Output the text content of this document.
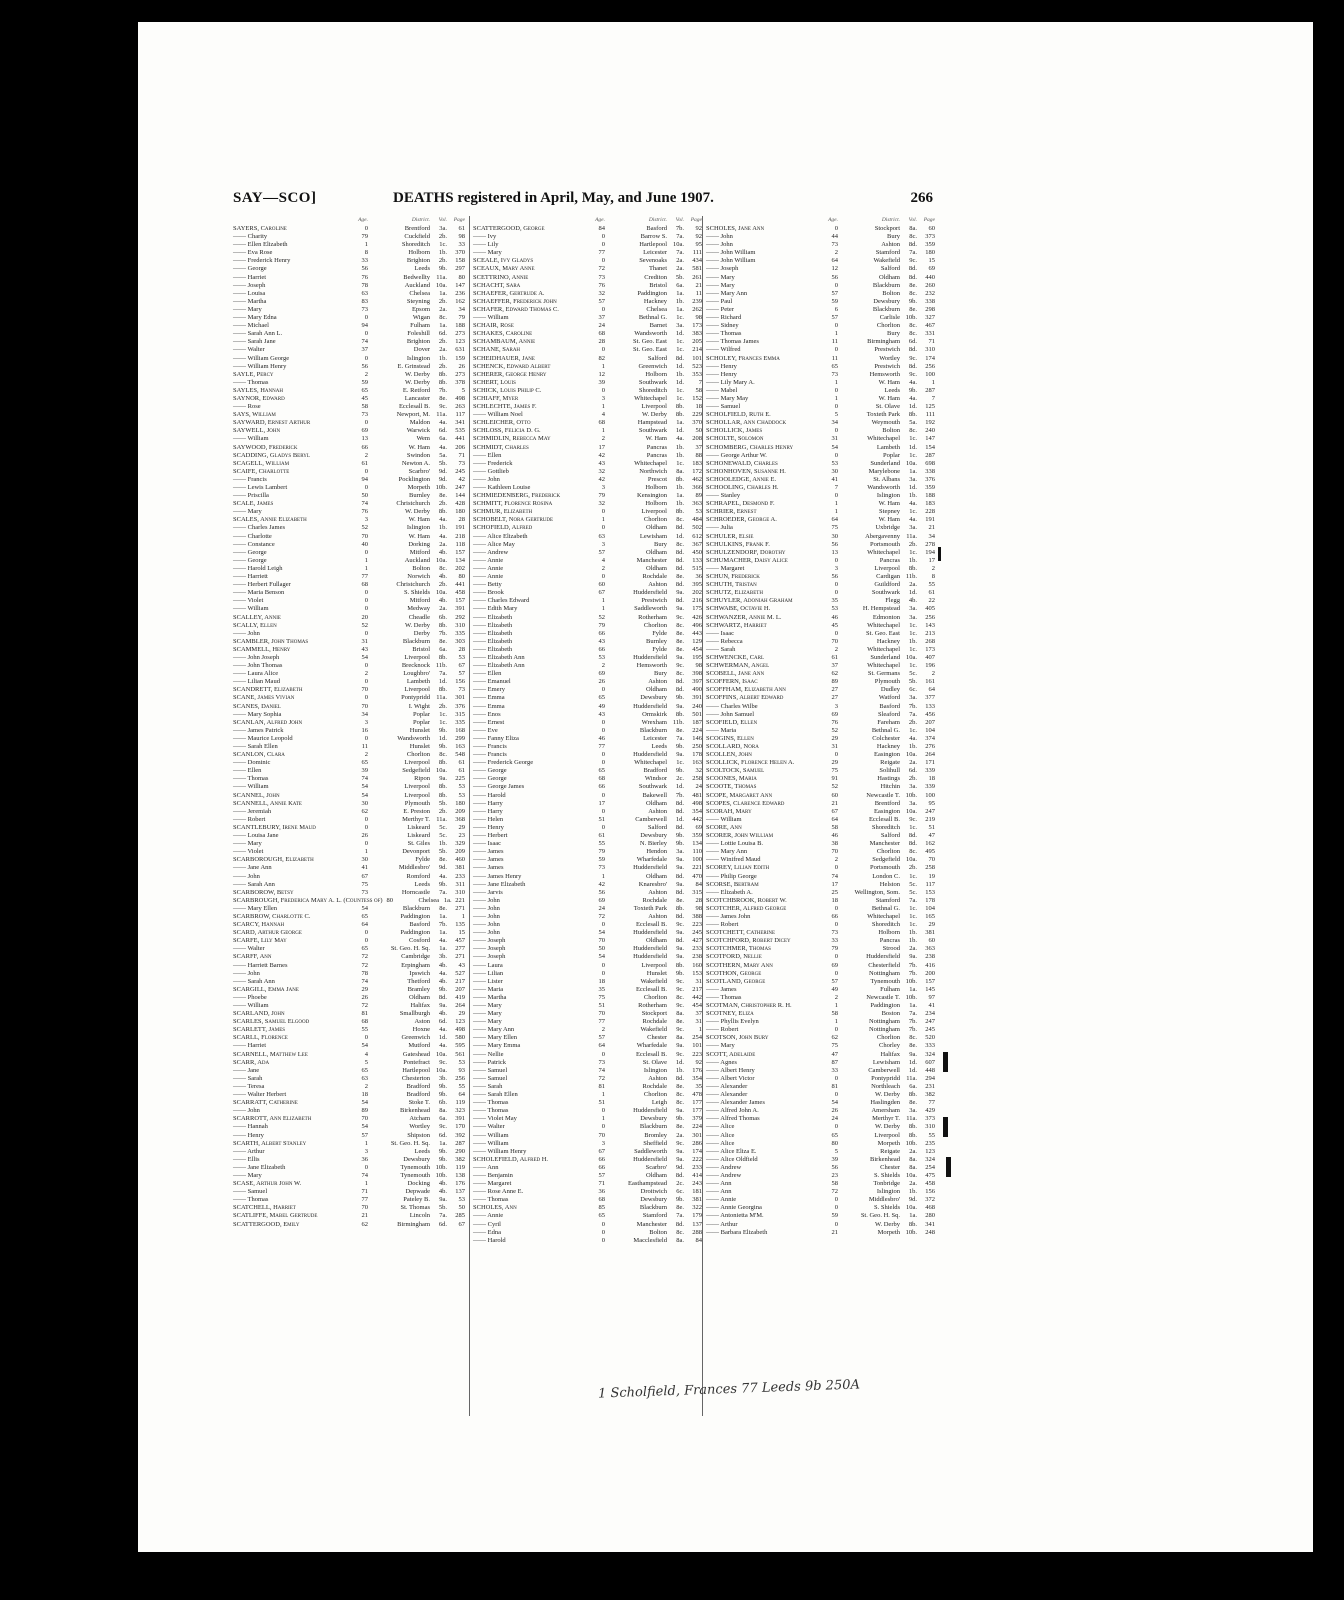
SAY—SCO]	DEATHS registered in April, May, and June 1907.	266
Age.	District.	Vol.	Page
SAYERS, Caroline	0	Brentford	3a.	61
—— Charity	79	Cuckfield	2b.	98
—— Ellen Elizabeth	1	Shoreditch	1c.	33
—— Eva Rose	8	Holborn	1b.	370
—— Frederick Henry	33	Brighton	2b.	158
—— George	56	Leeds	9b.	297
—— Harriet	76	Bedwellty 11a.	80
—— Joseph	78	Auckland 10a.	147
—— Louisa	63	Chelsea	1a.	236
—— Martha	83	Steyning	2b.	162
—— Mary	73	Epsom	2a.	34
—— Mary Edna	0	Wigan	8c.	79
—— Michael	94	Fulham	1a.	188
—— Sarah Ann L.	0	Foleshill	6d.	273
—— Sarah Jane	74	Brighton	2b.	123
—— Walter	37	Dover	2a.	631
—— William George	0	Islington	1b.	159
—— William Henry	56	E. Grinstead	2b.	26
SAYLE, Percy	2	W. Derby	8b.	273
—— Thomas	59	W. Derby	8b.	378
SAYLES, Hannah	65	E. Retford	7b.	5
SAYNOR, Edward	45	Lancaster	8e.	498
—— Rose	58	Ecclesall B.	9c.	263
SAYS, William	73	Newport, M. 11a.	117
SAYWARD, Ernest Arthur	0	Maldon	4a.	341
SAYWELL, John	69	Warwick	6d.	535
—— William	13	Wem	6a.	441
SAYWOOD, Frederick	66	W. Ham	4a.	206
SCADDING, Gladys Beryl	2	Swindon	5a.	71
SCAGELL, William	61	Newton A.	5b.	73
SCAIFE, Charlotte	0	Scarbro'	9d.	245
—— Francis	94	Pocklington	9d.	42
—— Lewis Lambert	0	Morpeth 10b.	247
—— Priscilla	50	Burnley	8e.	144
SCALE, James	74	Christchurch	2b.	428
—— Mary	76	W. Derby	8b.	180
SCALES, Annie Elizabeth	3	W. Ham	4a.	28
—— Charles James	52	Islington	1b.	191
—— Charlotte	70	W. Ham	4a.	218
—— Constance	40	Dorking	2a.	118
—— George	0	Mitford	4b.	157
—— George	1	Auckland 10a.	134
—— Harold Leigh	1	Bolton	8c.	202
—— Harriett	77	Norwich	4b.	80
—— Herbert Fullager	68	Christchurch	2b.	441
—— Maria Benson	0	S. Shields 10a.	458
—— Violet	0	Mitford	4b.	157
—— William	0	Medway	2a.	391
SCALLEY, Annie	20	Cheadle	6b.	292
SCALLY, Ellen	52	W. Derby	8b.	310
—— John	0	Derby	7b.	335
SCAMBLER, John Thomas	31	Blackburn	8e.	303
SCAMMELL, Henry	43	Bristol	6a.	28
—— John Joseph	54	Liverpool	8b.	53
—— John Thomas	0	Brecknock 11b.	67
—— Laura Alice	2	Loughbro'	7a.	57
—— Lilian Maud	0	Lambeth	1d.	156
SCANDRETT, Elizabeth	70	Liverpool	8b.	73
SCANE, James Vivian	0	Pontypridd 11a.	301
SCANES, Daniel	70	I. Wight	2b.	376
—— Mary Sophia	34	Poplar	1c.	315
SCANLAN, Alfred John	3	Poplar	1c.	335
—— James Patrick	16	Hunslet	9b.	168
—— Maurice Leopold	0	Wandsworth	1d.	299
—— Sarah Ellen	11	Hunslet	9b.	163
SCANLON, Clara	2	Chorlton	8c.	548
—— Dominic	65	Liverpool	8b.	61
—— Ellen	39	Sedgefield 10a.	61
—— Thomas	74	Ripon	9a.	225
—— William	54	Liverpool	8b.	53
SCANNEL, John	54	Liverpool	8b.	53
SCANNELL, Annie Kate	30	Plymouth	5b.	180
—— Jeremiah	62	E. Preston	2b.	209
—— Robert	0	Merthyr T. 11a.	368
SCANTLEBURY, Irene Maud	0	Liskeard	5c.	29
—— Louisa Jane	26	Liskeard	5c.	23
—— Mary	0	St. Giles	1b.	329
—— Violet	1	Devonport	5b.	209
SCARBOROUGH, Elizabeth	30	Fylde	8e.	460
—— Jane Ann	41	Middlesbro'	9d.	381
—— John	67	Romford	4a.	233
—— Sarah Ann	75	Leeds	9b.	311
SCARBOROW, Betsy	73	Horncastle	7a.	310
SCARBROUGH, Frederica Mary A. L. (Countess of) 80	Chelsea 1a. 221
—— Mary Ellen	54	Blackburn	8e.	271
SCARBROW, Charlotte C.	65	Paddington	1a.	1
SCARCY, Hannah	64	Basford	7b.	135
SCARD, Arthur George	0	Paddington	1a.	15
SCARFE, Lily May	0	Cosford	4a.	457
—— Walter	65	St. Geo. H. Sq.	1a.	277
SCARFF, Ann	72	Cambridge	3b.	271
—— Harriett Barnes	72	Erpingham	4b.	43
—— John	78	Ipswich	4a.	527
—— Sarah Ann	74	Thetford	4b.	217
SCARGILL, Emma Jane	29	Bramley	9b.	207
—— Phoebe	26	Oldham	8d.	419
—— William	72	Halifax	9a.	264
SCARLAND, John	81	Smallburgh	4b.	29
SCARLES, Samuel Elgood	68	Aston	6d.	123
SCARLETT, James	55	Hoxne	4a.	498
SCARLL, Florence	0	Greenwich	1d.	580
—— Harriet	54	Mutford	4a.	595
SCARNELL, Matthew Lee	4	Gateshead 10a.	561
SCARR, Ada	5	Pontefract	9c.	53
—— Jane	65	Hartlepool 10a.	93
—— Sarah	63	Chesterton	3b.	256
—— Teresa	2	Bradford	9b.	55
—— Walter Herbert	18	Bradford	9b.	64
SCARRATT, Catherine	54	Stoke T.	6b.	119
—— John	89	Birkenhead	8a.	323
SCARROTT, Ann Elizabeth	70	Atcham	6a.	391
—— Hannah	54	Wortley	9c.	170
—— Henry	57	Shipston	6d.	392
SCARTH, Albert Stanley	1	St. Geo. H. Sq.	1a.	287
—— Arthur	3	Leeds	9b.	290
—— Ellis	36	Dewsbury	9b.	382
—— Jane Elizabeth	0	Tynemouth 10b.	119
—— Mary	74	Tynemouth 10b.	138
SCASE, Arthur John W.	1	Docking	4b.	176
—— Samuel	71	Depwade	4b.	137
—— Thomas	77	Pateley B.	9a.	53
SCATCHELL, Harriet	70	St. Thomas	5b.	50
SCATLIFFE, Mabel Gertrude	21	Lincoln	7a.	285
SCATTERGOOD, Emily	62	Birmingham	6d.	67
Age.	District.	Vol.	Page
SCATTERGOOD, George	84	Basford	7b.	92
—— Ivy	0	Barrow S.	7a.	92
—— Lily	0	Hartlepool 10a.	95
—— Mary	77	Leicester	7a.	111
SCEALE, Ivy Gladys	0	Sevenoaks	2a.	434
SCEAUX, Mary Anne	72	Thanet	2a.	581
SCETTRINO, Annie	73	Crediton	5b.	261
SCHACHT, Sara	76	Bristol	6a.	21
SCHAEFER, Gertrude A.	32	Paddington	1a.	11
SCHAEFFER, Frederick John	57	Hackney	1b.	239
SCHAFER, Edward Thomas C.	0	Chelsea	1a.	262
—— William	37	Bethnal G.	1c.	98
SCHAIR, Rose	24	Barnet	3a.	173
SCHAKES, Caroline	68	Wandsworth	1d.	383
SCHAMBAUM, Annie	28	St. Geo. East	1c.	205
SCHANE, Sarah	0	St. Geo. East	1c.	214
SCHEIDHAUER, Jane	82	Salford	8d.	101
SCHENCK, Edward Albert	1	Greenwich	1d.	523
SCHERER, George Henry	12	Holborn	1b.	353
SCHERT, Louis	39	Southwark	1d.	7
SCHICK, Louis Philip C.	0	Shoreditch	1c.	58
SCHIAFF, Myer	3	Whitechapel	1c.	152
SCHLECHTE, James F.	1	Liverpool	8b.	18
—— William Noel	4	W. Derby	8b.	229
SCHLEICHER, Otto	68	Hampstead	1a.	370
SCHLOSS, Felicia D. G.	1	Southwark	1d.	50
SCHMIDLIN, Rebecca May	2	W. Ham	4a.	208
SCHMIDT, Charles	17	Pancras	1b.	37
—— Ellen	42	Pancras	1b.	88
—— Frederick	43	Whitechapel	1c.	183
—— Gottlieb	32	Northwich	8a.	172
—— John	42	Prescot	8b.	462
—— Kathleen Louise	3	Holborn	1b.	366
SCHMIEDENBERG, Frederick	79	Kensington	1a.	89
SCHMITT, Florence Rosina	32	Holborn	1b.	363
SCHMUR, Elizabeth	0	Liverpool	8b.	53
SCHOBELT, Nora Gertrude	1	Chorlton	8c.	484
SCHOFIELD, Alfred	0	Oldham	8d.	502
—— Alice Elizabeth	63	Lewisham	1d.	612
—— Alice May	3	Bury	8c.	367
—— Andrew	57	Oldham	8d.	450
—— Annie	4	Manchester	8d.	133
—— Annie	2	Oldham	8d.	515
—— Annie	0	Rochdale	8e.	36
—— Betty	60	Ashton	8d.	395
—— Brook	67	Huddersfield	9a.	202
—— Charles Edward	1	Prestwich	8d.	216
—— Edith Mary	1	Saddleworth	9a.	175
—— Elizabeth	52	Rotherham	9c.	426
—— Elizabeth	79	Chorlton	8c.	496
—— Elizabeth	66	Fylde	8e.	443
—— Elizabeth	43	Burnley	8e.	129
—— Elizabeth	66	Fylde	8e.	454
—— Elizabeth Ann	53	Huddersfield	9a.	195
—— Elizabeth Ann	2	Hemsworth	9c.	98
—— Ellen	69	Bury	8c.	398
—— Emanuel	26	Ashton	8d.	397
—— Emery	0	Oldham	8d.	490
—— Emma	65	Dewsbury	9b.	391
—— Emma	49	Huddersfield	9a.	240
—— Enos	43	Ormskirk	8b.	501
—— Ernest	0	Wrexham 11b.	187
—— Eve	0	Blackburn	8e.	224
—— Fanny Eliza	46	Leicester	7a.	146
—— Francis	77	Leeds	9b.	250
—— Francis	0	Huddersfield	9a.	178
—— Frederick George	0	Whitechapel	1c.	163
—— George	65	Bradford	9b.	32
—— George	68	Windsor	2c.	258
—— George James	66	Southwark	1d.	24
—— Harold	0	Bakewell	7b.	481
—— Harry	17	Oldham	8d.	498
—— Harry	0	Ashton	8d.	354
—— Helen	51	Camberwell	1d.	442
—— Henry	0	Salford	8d.	69
—— Herbert	61	Dewsbury	9b.	359
—— Isaac	55	N. Bierley	9b.	134
—— James	79	Hendon	3a.	110
—— James	59	Wharfedale	9a.	100
—— James	73	Huddersfield	9a.	221
—— James Henry	1	Oldham	8d.	470
—— Jane Elizabeth	42	Knaresbro'	9a.	84
—— Jarvis	56	Ashton	8d.	315
—— John	69	Rochdale	8e.	28
—— John	24	Toxteth Park	8b.	98
—— John	72	Ashton	8d.	388
—— John	0	Ecclesall B.	9c.	223
—— John	54	Huddersfield	9a.	245
—— Joseph	70	Oldham	8d.	427
—— Joseph	50	Huddersfield	9a.	233
—— Joseph	54	Huddersfield	9a.	238
—— Laura	0	Liverpool	8b.	160
—— Lilian	0	Hunslet	9b.	153
—— Lister	18	Wakefield	9c.	31
—— Maria	35	Ecclesall B.	9c.	217
—— Martha	75	Chorlton	8c.	442
—— Mary	51	Rotherham	9c.	454
—— Mary	70	Stockport	8a.	37
—— Mary	77	Rochdale	8e.	31
—— Mary Ann	2	Wakefield	9c.	1
—— Mary Ellen	57	Chester	8a.	254
—— Mary Emma	64	Wharfedale	9a.	101
—— Nellie	0	Ecclesall B.	9c.	223
—— Patrick	73	St. Olave	1d.	92
—— Samuel	74	Islington	1b.	176
—— Samuel	72	Ashton	8d.	354
—— Sarah	81	Rochdale	8e.	35
—— Sarah Ellen	1	Chorlton	8c.	478
—— Thomas	51	Leigh	8c.	177
—— Thomas	0	Huddersfield	9a.	177
—— Violet May	1	Dewsbury	9b.	379
—— Walter	0	Blackburn	8e.	224
—— William	70	Bromley	2a.	301
—— William	3	Sheffield	9c.	286
—— William Henry	67	Saddleworth	9a.	174
SCHOLEFIELD, Alfred H.	66	Huddersfield	9a.	222
—— Ann	66	Scarbro'	9d.	233
—— Benjamin	57	Oldham	8d.	414
—— Margaret	71	Easthampstead	2c.	243
—— Rose Anne E.	36	Droitwich	6c.	181
—— Thomas	68	Dewsbury	9b.	381
SCHOLES, Ann	85	Blackburn	8e.	322
—— Annie	65	Stamford	7a.	179
—— Cyril	0	Manchester	8d.	137
—— Edna	0	Bolton	8c.	288
—— Harold	0	Macclesfield	8a.	84
Age.	District.	Vol.	Page
SCHOLES, Jane Ann	0	Stockport	8a.	60
—— John	44	Bury	8c.	373
—— John	73	Ashton	8d.	359
—— John William	2	Stamford	7a.	180
—— John William	64	Wakefield	9c.	15
—— Joseph	12	Salford	8d.	69
—— Mary	56	Oldham	8d.	440
—— Mary	0	Blackburn	8e.	260
—— Mary Ann	57	Bolton	8c.	232
—— Paul	59	Dewsbury	9b.	338
—— Peter	6	Blackburn	8e.	298
—— Richard	57	Carlisle 10b.	327
—— Sidney	0	Chorlton	8c.	467
—— Thomas	1	Bury	8c.	331
—— Thomas James	11	Birmingham	6d.	71
—— Wilfred	0	Prestwich	8d.	310
SCHOLEY, Frances Emma	11	Wortley	9c.	174
—— Henry	65	Prestwich	8d.	256
—— Henry	73	Hemsworth	9c.	100
—— Lily Mary A.	1	W. Ham	4a.	1
—— Mabel	0	Leeds	9b.	287
—— Mary May	1	W. Ham	4a.	7
—— Samuel	0	St. Olave	1d.	125
SCHOLFIELD, Ruth E.	5	Toxteth Park	8b.	111
SCHOLLAR, Ann Chaddock	34	Weymouth	5a.	192
SCHOLLICK, James	0	Bolton	8c.	240
SCHOLTE, Solomon	31	Whitechapel	1c.	147
SCHOMBERG, Charles Henry	54	Lambeth	1d.	154
—— George Arthur W.	0	Poplar	1c.	287
SCHONEWALD, Charles	53	Sunderland 10a.	698
SCHONHOVEN, Susanne H.	30	Marylebone	1a.	338
SCHOOLEDGE, Annie E.	41	St. Albans	3a.	376
SCHOOLING, Charles H.	7	Wandsworth	1d.	359
—— Stanley	0	Islington	1b.	188
SCHRAPEL, Desmond F.	1	W. Ham	4a.	183
SCHRIER, Ernest	1	Stepney	1c.	228
SCHROEDER, George A.	64	W. Ham	4a.	191
—— Julia	75	Uxbridge	3a.	21
SCHULER, Elsie	30	Abergavenny 11a.	34
SCHULKINS, Frank F.	56	Portsmouth	2b.	278
SCHULZENDORF, Dorothy	13	Whitechapel	1c.	194
SCHUMACHER, Daisy Alice	0	Pancras	1b.	17
—— Margaret	3	Liverpool	8b.	2
SCHUN, Frederick	56	Cardigan 11b.	8
SCHUTH, Tristan	0	Guildford	2a.	55
SCHUTZ, Elizabeth	0	Southwark	1d.	61
SCHUYLER, Adoniah Graham	35	Flegg	4b.	22
SCHWABE, Octavie H.	53	H. Hempstead	3a.	405
SCHWANZER, Annie M. L.	46	Edmonton	3a.	256
SCHWARTZ, Harriet	45	Whitechapel	1c.	143
—— Isaac	0	St. Geo. East	1c.	213
—— Rebecca	70	Hackney	1b.	268
—— Sarah	2	Whitechapel	1c.	173
SCHWENCKE, Carl	61	Sunderland 10a.	407
SCHWERMAN, Angel	37	Whitechapel	1c.	196
SCOBELL, Jane Ann	62	St. Germans	5c.	2
SCOFFERN, Isaac	89	Plymouth	5b.	161
SCOFFHAM, Elizabeth Ann	27	Dudley	6c.	64
SCOFFINS, Albert Edward	27	Watford	3a.	377
—— Charles Wilbe	3	Basford	7b.	133
—— John Samuel	69	Sleaford	7a.	456
SCOFIELD, Ellen	76	Fareham	2b.	207
—— Maria	52	Bethnal G.	1c.	104
SCOGINS, Ellen	29	Colchester	4a.	374
SCOLLARD, Nora	31	Hackney	1b.	276
SCOLLEN, John	0	Easington 10a.	264
SCOLLICK, Florence Helen A.	29	Reigate	2a.	171
SCOLTOCK, Samuel	75	Solihull	6d.	339
SCOONES, Maria	91	Hastings	2b.	18
SCOOTE, Thomas	52	Hitchin	3a.	339
SCOPE, Margaret Ann	60	Newcastle T. 10b.	100
SCOPES, Clarence Edward	21	Brentford	3a.	95
SCORAH, Mary	67	Easington 10a.	247
—— William	64	Ecclesall B.	9c.	219
SCORE, Ann	58	Shoreditch	1c.	51
SCORER, John William	46	Salford	8d.	47
—— Lottie Louisa B.	38	Manchester	8d.	162
—— Mary Ann	70	Chorlton	8c.	495
—— Winifred Maud	2	Sedgefield 10a.	70
SCOREY, Lilian Edith	0	Portsmouth	2b.	258
—— Philip George	74	London C.	1c.	19
SCORSE, Bertram	17	Helston	5c.	117
—— Elizabeth A.	25	Wellington, Som.	5c.	153
SCOTCHBROOK, Robert W.	18	Stamford	7a.	178
SCOTCHER, Alfred George	0	Bethnal G.	1c.	104
—— James John	66	Whitechapel	1c.	165
—— Robert	0	Shoreditch	1c.	29
SCOTCHETT, Catherine	73	Holborn	1b.	381
SCOTCHFORD, Robert Dicey	33	Pancras	1b.	60
SCOTCHMER, Thomas	79	Strood	2a.	363
SCOTFORD, Nellie	0	Huddersfield	9a.	238
SCOTHERN, Mary Ann	69	Chesterfield	7b.	416
SCOTHON, George	0	Nottingham	7b.	200
SCOTLAND, George	57	Tynemouth 10b.	157
—— James	49	Fulham	1a.	145
—— Thomas	2	Newcastle T. 10b.	97
SCOTMAN, Christopher R. H.	1	Paddington	1a.	41
SCOTNEY, Eliza	58	Boston	7a.	234
—— Phyllis Evelyn	1	Nottingham	7b.	247
—— Robert	0	Nottingham	7b.	245
SCOTSON, John Bury	62	Chorlton	8c.	520
—— Mary	75	Chorley	8e.	333
SCOTT, Adelaide	47	Halifax	9a.	324
—— Agnes	87	Lewisham	1d.	607
—— Albert Henry	33	Camberwell	1d.	448
—— Albert Victor	0	Pontypridd 11a.	294
—— Alexander	81	Northleach	6a.	231
—— Alexander	0	W. Derby	8b.	382
—— Alexander James	54	Haslingden	8e.	77
—— Alfred John A.	26	Amersham	3a.	429
—— Alfred Thomas	24	Merthyr T. 11a.	373
—— Alice	0	W. Derby	8b.	310
—— Alice	65	Liverpool	8b.	55
—— Alice	80	Morpeth 10b.	235
—— Alice Eliza E.	5	Reigate	2a.	123
—— Alice Oldfield	39	Birkenhead	8a.	324
—— Andrew	56	Chester	8a.	254
—— Andrew	23	S. Shields 10a.	475
—— Ann	58	Tonbridge	2a.	458
—— Ann	72	Islington	1b.	156
—— Annie	0	Middlesbro'	9d.	372
—— Annie Georgina	0	S. Shields 10a.	468
—— Antonietta M'M.	59	St. Geo. H. Sq.	1a.	280
—— Arthur	0	W. Derby	8b.	341
—— Barbara Elizabeth	21	Morpeth 10b.	248
1 Scholfield, Frances 77 Leeds 9b 250A
